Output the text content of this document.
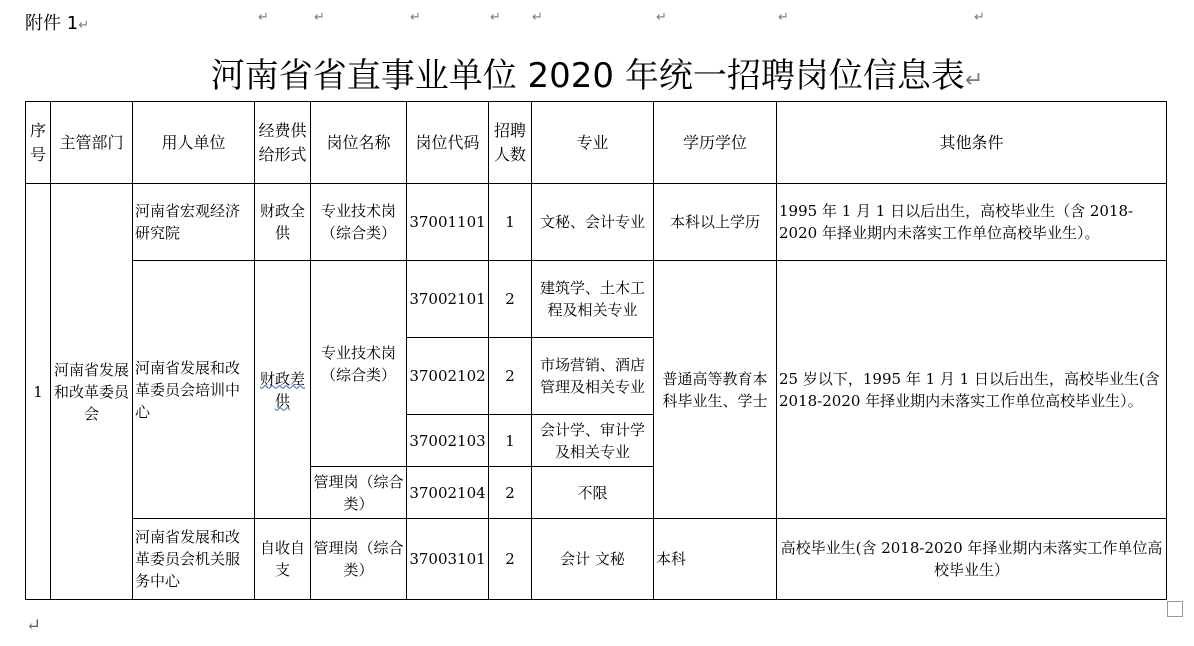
附件 1↵
↵	↵	↵	↵ ↵	↵	↵	↵
河南省省直事业单位 2020 年统一招聘岗位信息表↵
序号	主管部门	用人单位	经费供给形式	岗位名称	岗位代码	招聘人数	专业	学历学位	其他条件
1	河南省发展和改革委员会	河南省宏观经济研究院	财政全供	专业技术岗（综合类）	37001101	1	文秘、会计专业	本科以上学历	1995 年 1 月 1 日以后出生，高校毕业生（含 2018-2020 年择业期内未落实工作单位高校毕业生）。
		河南省发展和改革委员会培训中心	财政差供	专业技术岗（综合类）	37002101	2	建筑学、土木工程及相关专业	普通高等教育本科毕业生、学士	25 岁以下，1995 年 1 月 1 日以后出生，高校毕业生(含 2018-2020 年择业期内未落实工作单位高校毕业生）。
					37002102	2	市场营销、酒店管理及相关专业		
					37002103	1	会计学、审计学及相关专业		
				管理岗（综合类）	37002104	2	不限		
		河南省发展和改革委员会机关服务中心	自收自支	管理岗（综合类）	37003101	2	会计 文秘	本科	高校毕业生(含 2018-2020 年择业期内未落实工作单位高校毕业生）
↵
